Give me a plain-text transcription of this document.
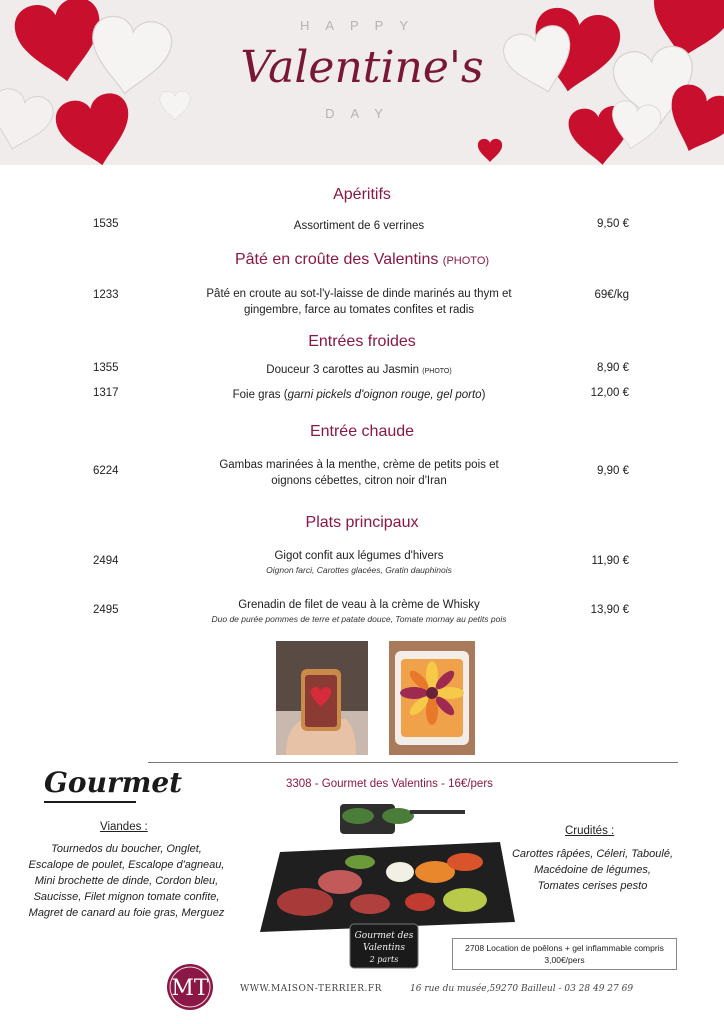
HAPPY
Valentine's
DAY
Apéritifs
1535	Assortiment de 6 verrines	9,50 €
Pâté en croûte des Valentins (PHOTO)
1233	Pâté en croute au sot-l'y-laisse de dinde marinés au thym et
gingembre, farce au tomates confites et radis
69€/kg
Entrées froides
1355	Douceur 3 carottes au Jasmin (PHOTO)	8,90 €
1317	Foie gras (garni pickels d'oignon rouge, gel porto)	12,00 €
Entrée chaude
6224	Gambas marinées à la menthe, crème de petits pois et
oignons cébettes, citron noir d'Iran
9,90 €
Plats principaux
2494	Gigot confit aux légumes d'hivers
Oignon farci, Carottes glacées, Gratin dauphinois
11,90 €
2495	Grenadin de filet de veau à la crème de Whisky
Duo de purée pommes de terre et patate douce, Tomate mornay au petits pois
13,90 €
Gourmet	3308 - Gourmet des Valentins - 16€/pers
Viandes :
Tournedos du boucher, Onglet,
Escalope de poulet, Escalope d'agneau,
Mini brochette de dinde, Cordon bleu,
Saucisse, Filet mignon tomate confite,
Magret de canard au foie gras, Merguez
Gourmet des
Valentins
2 parts
Crudités :
Carottes râpées, Céleri, Taboulé,
Macédoine de légumes,
Tomates cerises pesto
2708 Location de poêlons + gel inflammable compris
3,00€/pers
MT	WWW.MAISON-TERRIER.FR	16 rue du musée,59270 Bailleul - 03 28 49 27 69
